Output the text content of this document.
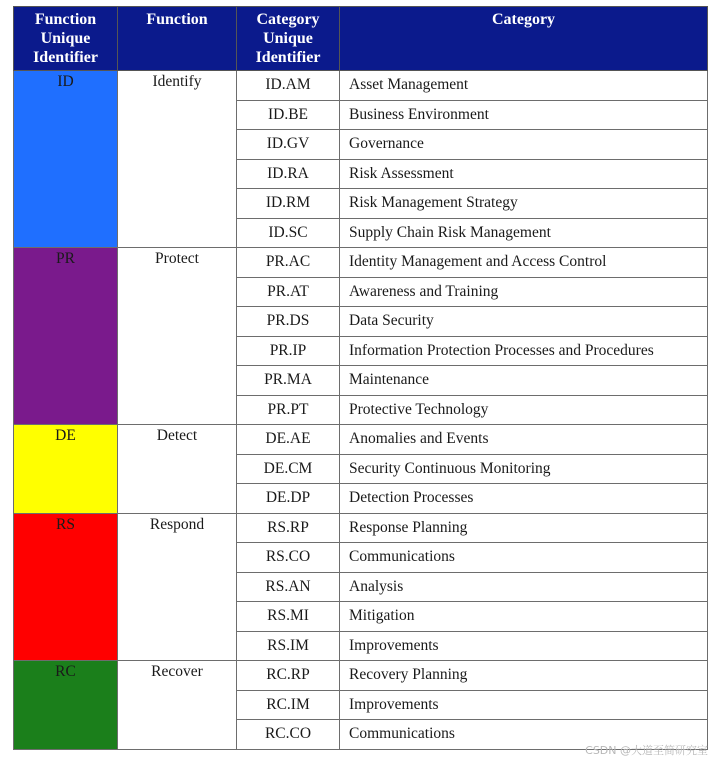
Function Unique Identifier	Function	Category Unique Identifier	Category
ID	Identify	ID.AM	Asset Management
		ID.BE	Business Environment
		ID.GV	Governance
		ID.RA	Risk Assessment
		ID.RM	Risk Management Strategy
		ID.SC	Supply Chain Risk Management
PR	Protect	PR.AC	Identity Management and Access Control
		PR.AT	Awareness and Training
		PR.DS	Data Security
		PR.IP	Information Protection Processes and Procedures
		PR.MA	Maintenance
		PR.PT	Protective Technology
DE	Detect	DE.AE	Anomalies and Events
		DE.CM	Security Continuous Monitoring
		DE.DP	Detection Processes
RS	Respond	RS.RP	Response Planning
		RS.CO	Communications
		RS.AN	Analysis
		RS.MI	Mitigation
		RS.IM	Improvements
RC	Recover	RC.RP	Recovery Planning
		RC.IM	Improvements
		RC.CO	Communications
CSDN @大道至简研究室
